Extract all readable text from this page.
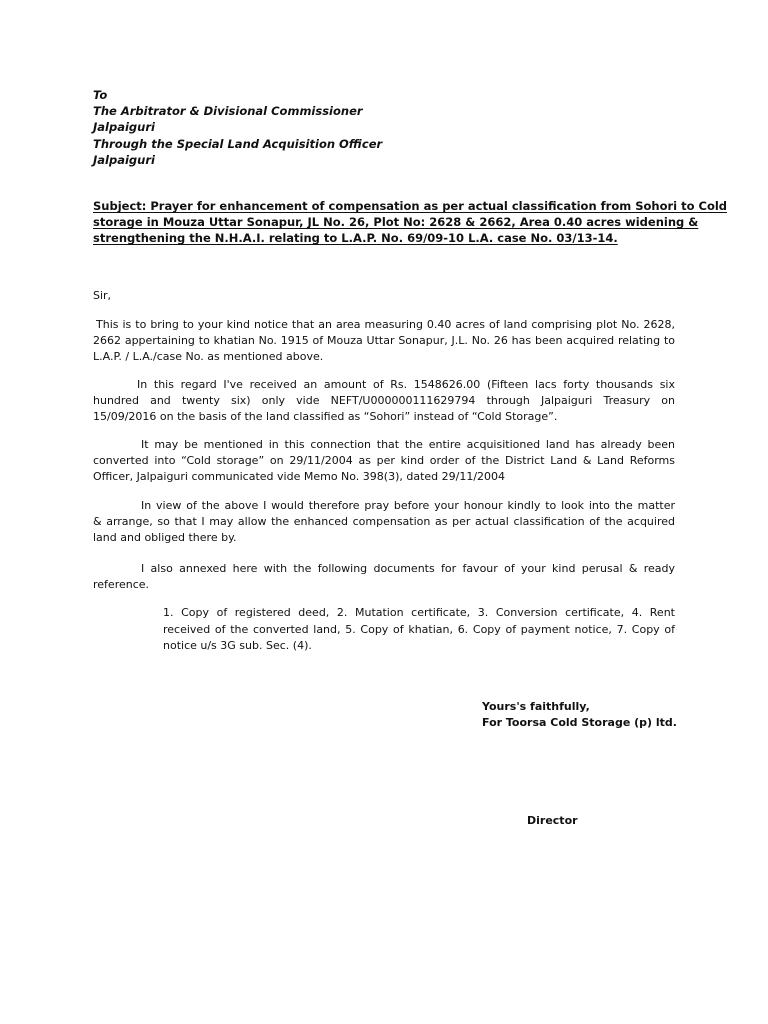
To
The Arbitrator & Divisional Commissioner
Jalpaiguri
Through the Special Land Acquisition Officer
Jalpaiguri
Subject: Prayer for enhancement of compensation as per actual classification from Sohori to Cold
storage in Mouza Uttar Sonapur, JL No. 26, Plot No: 2628 & 2662, Area 0.40 acres widening &
strengthening the N.H.A.I. relating to L.A.P. No. 69/09-10 L.A. case No. 03/13-14.
Sir,
This is to bring to your kind notice that an area measuring 0.40 acres of land comprising plot No. 2628,
2662 appertaining to khatian No. 1915 of Mouza Uttar Sonapur, J.L. No. 26 has been acquired relating to
L.A.P. / L.A./case No. as mentioned above.
In this regard I've received an amount of Rs. 1548626.00 (Fifteen lacs forty thousands six
hundred and twenty six) only vide NEFT/U000000111629794 through Jalpaiguri Treasury on
15/09/2016 on the basis of the land classified as “Sohori” instead of “Cold Storage”.
It may be mentioned in this connection that the entire acquisitioned land has already been
converted into “Cold storage” on 29/11/2004 as per kind order of the District Land & Land Reforms
Officer, Jalpaiguri communicated vide Memo No. 398(3), dated 29/11/2004
In view of the above I would therefore pray before your honour kindly to look into the matter
& arrange, so that I may allow the enhanced compensation as per actual classification of the acquired
land and obliged there by.
I also annexed here with the following documents for favour of your kind perusal & ready
reference.
1. Copy of registered deed, 2. Mutation certificate, 3. Conversion certificate, 4. Rent
received of the converted land, 5. Copy of khatian, 6. Copy of payment notice, 7. Copy of
notice u/s 3G sub. Sec. (4).
Yours's faithfully,
For Toorsa Cold Storage (p) ltd.
Director
